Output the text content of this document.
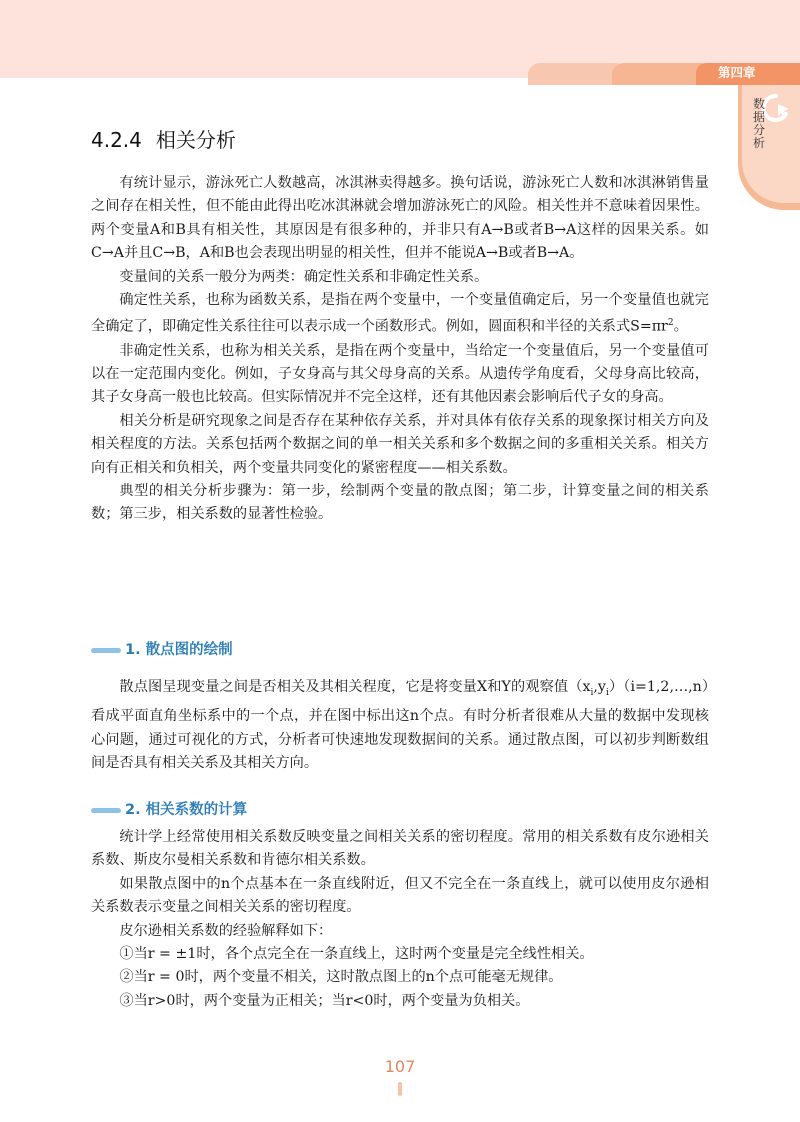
第四章
数据分析
4.2.4 相关分析

有统计显示，游泳死亡人数越高，冰淇淋卖得越多。换句话说，游泳死亡人数和冰淇淋销售量之间存在相关性，但不能由此得出吃冰淇淋就会增加游泳死亡的风险。相关性并不意味着因果性。两个变量A和B具有相关性，其原因是有很多种的，并非只有A→B或者B→A这样的因果关系。如C→A并且C→B，A和B也会表现出明显的相关性，但并不能说A→B或者B→A。

变量间的关系一般分为两类：确定性关系和非确定性关系。

确定性关系，也称为函数关系，是指在两个变量中，一个变量值确定后，另一个变量值也就完全确定了，即确定性关系往往可以表示成一个函数形式。例如，圆面积和半径的关系式$S=\pi r^2$。

非确定性关系，也称为相关关系，是指在两个变量中，当给定一个变量值后，另一个变量值可以在一定范围内变化。例如，子女身高与其父母身高的关系。从遗传学角度看，父母身高比较高，其子女身高一般也比较高。但实际情况并不完全这样，还有其他因素会影响后代子女的身高。

相关分析是研究现象之间是否存在某种依存关系，并对具体有依存关系的现象探讨相关方向及相关程度的方法。关系包括两个数据之间的单一相关关系和多个数据之间的多重相关关系。相关方向有正相关和负相关，两个变量共同变化的紧密程度——相关系数。

典型的相关分析步骤为：第一步，绘制两个变量的散点图；第二步，计算变量之间的相关系数；第三步，相关系数的显著性检验。

1. 散点图的绘制

散点图呈现变量之间是否相关及其相关程度，它是将变量X和Y的观察值$(x_i,y_i)(i=1,2,\dots,n)$看成平面直角坐标系中的一个点，并在图中标出这n个点。有时分析者很难从大量的数据中发现核心问题，通过可视化的方式，分析者可快速地发现数据间的关系。通过散点图，可以初步判断数组间是否具有相关关系及其相关方向。

2. 相关系数的计算

统计学上经常使用相关系数反映变量之间相关关系的密切程度。常用的相关系数有皮尔逊相关系数、斯皮尔曼相关系数和肯德尔相关系数。

如果散点图中的n个点基本在一条直线附近，但又不完全在一条直线上，就可以使用皮尔逊相关系数表示变量之间相关关系的密切程度。

皮尔逊相关系数的经验解释如下：

①当r = ±1时，各个点完全在一条直线上，这时两个变量是完全线性相关。

②当r = 0时，两个变量不相关，这时散点图上的n个点可能毫无规律。

③当r>0时，两个变量为正相关；当r<0时，两个变量为负相关。

107
